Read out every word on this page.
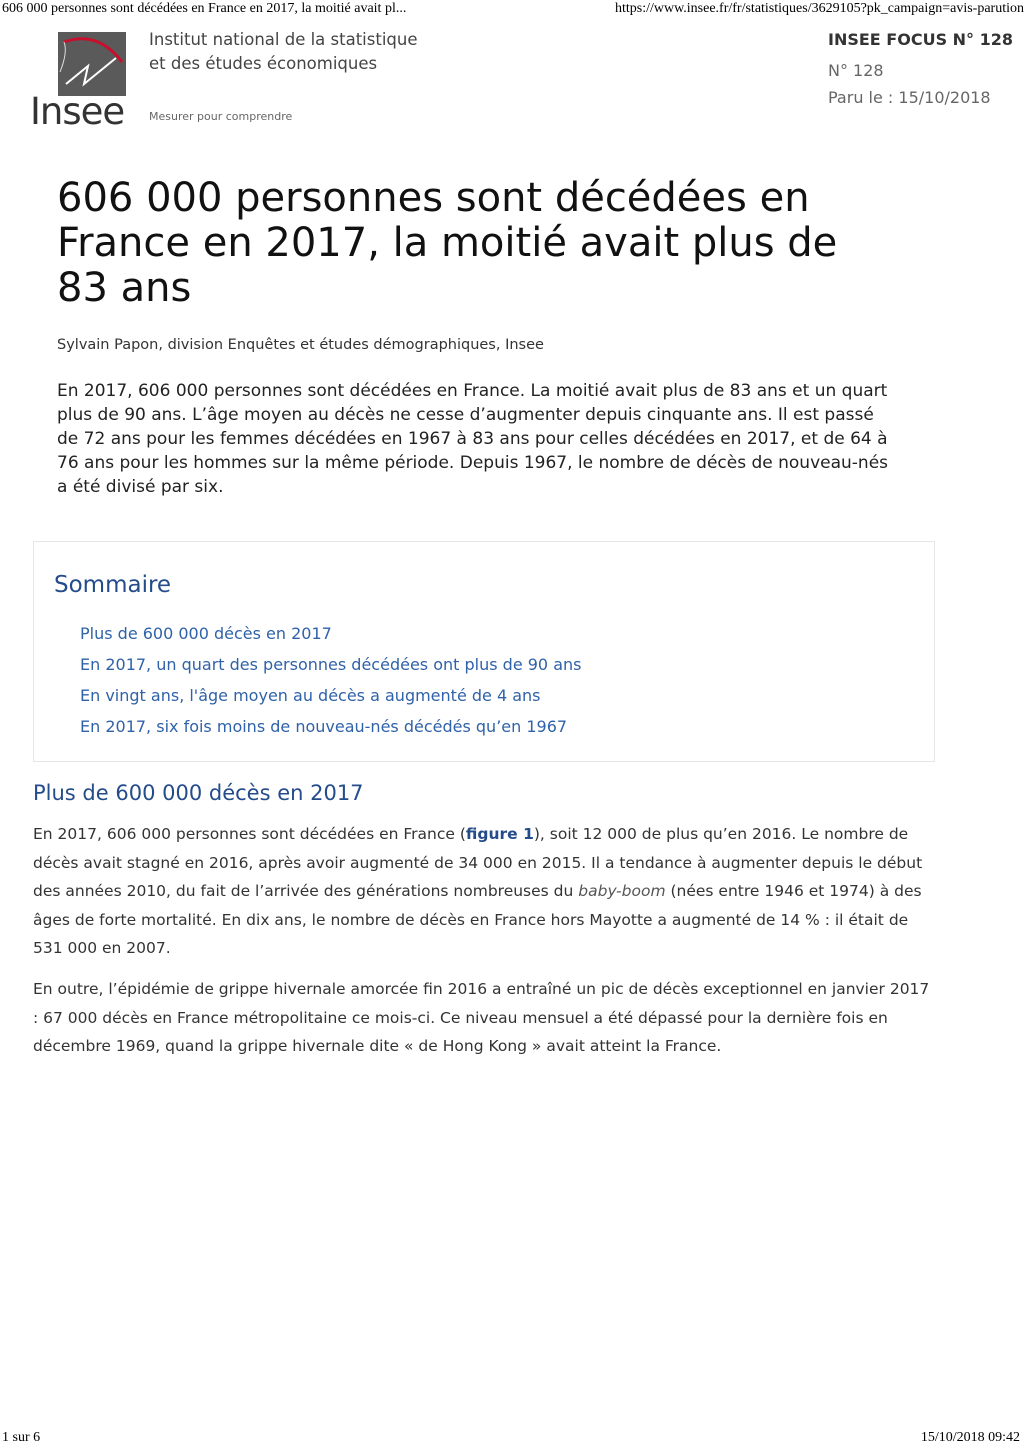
606 000 personnes sont décédées en France en 2017, la moitié avait pl...	https://www.insee.fr/fr/statistiques/3629105?pk_campaign=avis-parution
Insee
Institut national de la statistique
et des études économiques
Mesurer pour comprendre
INSEE FOCUS N° 128
N° 128
Paru le : 15/10/2018
606 000 personnes sont décédées en France en 2017, la moitié avait plus de 83 ans
Sylvain Papon, division Enquêtes et études démographiques, Insee

En 2017, 606 000 personnes sont décédées en France. La moitié avait plus de 83 ans et un quart plus de 90 ans. L’âge moyen au décès ne cesse d’augmenter depuis cinquante ans. Il est passé de 72 ans pour les femmes décédées en 1967 à 83 ans pour celles décédées en 2017, et de 64 à 76 ans pour les hommes sur la même période. Depuis 1967, le nombre de décès de nouveau-nés a été divisé par six.

Sommaire
Plus de 600 000 décès en 2017
En 2017, un quart des personnes décédées ont plus de 90 ans
En vingt ans, l'âge moyen au décès a augmenté de 4 ans
En 2017, six fois moins de nouveau-nés décédés qu’en 1967
Plus de 600 000 décès en 2017

En 2017, 606 000 personnes sont décédées en France (figure 1), soit 12 000 de plus qu’en 2016. Le nombre de décès avait stagné en 2016, après avoir augmenté de 34 000 en 2015. Il a tendance à augmenter depuis le début des années 2010, du fait de l’arrivée des générations nombreuses du baby-boom (nées entre 1946 et 1974) à des âges de forte mortalité. En dix ans, le nombre de décès en France hors Mayotte a augmenté de 14 % : il était de 531 000 en 2007.

En outre, l’épidémie de grippe hivernale amorcée fin 2016 a entraîné un pic de décès exceptionnel en janvier 2017 : 67 000 décès en France métropolitaine ce mois-ci. Ce niveau mensuel a été dépassé pour la dernière fois en décembre 1969, quand la grippe hivernale dite « de Hong Kong » avait atteint la France.

1 sur 6	15/10/2018 09:42
